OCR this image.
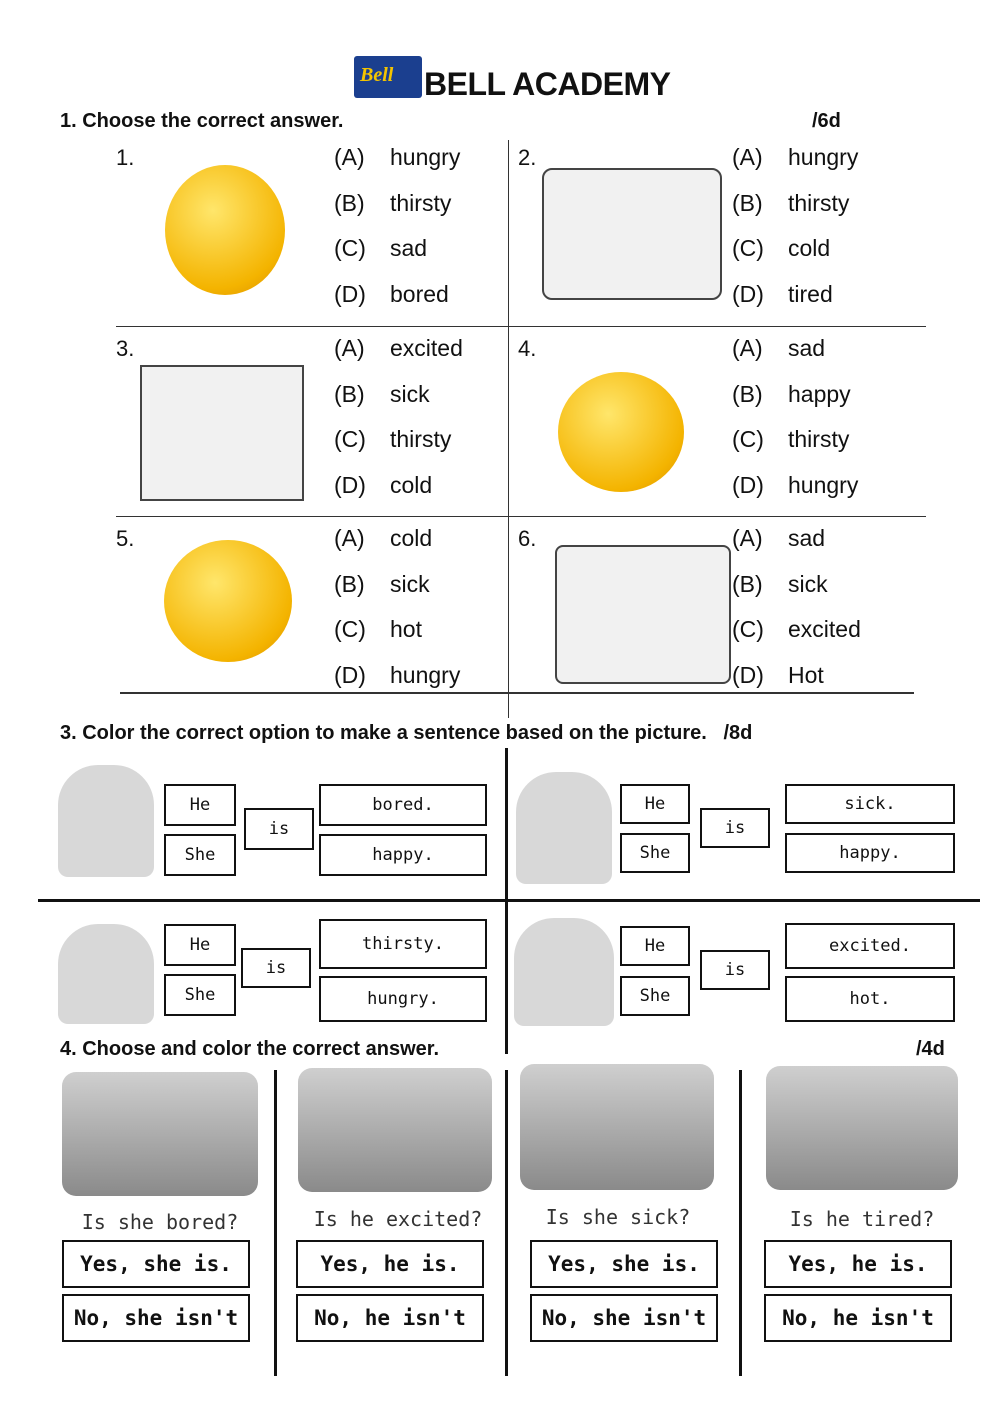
Bell BELL ACADEMY
1. Choose the correct answer.	/6d
1.	(A) hungry
(B) thirsty
(C) sad
(D) bored
2.	(A) hungry
(B) thirsty
(C) cold
(D) tired
3.	(A) excited
(B) sick
(C) thirsty
(D) cold
4.	(A) sad
(B) happy
(C) thirsty
(D) hungry
5.	(A) cold
(B) sick
(C) hot
(D) hungry
6.	(A) sad
(B) sick
(C) excited
(D) Hot
3. Color the correct option to make a sentence based on the picture. /8d
He
She
is
bored.
happy.
He
She
is
sick.
happy.
He
She
is
thirsty.
hungry.
He
She
is
excited.
hot.
4. Choose and color the correct answer.	/4d
Is she bored?
Yes, she is.
No, she isn't
Is he excited?
Yes, he is.
No, he isn't
Is she sick?
Yes, she is.
No, she isn't
Is he tired?
Yes, he is.
No, he isn't
